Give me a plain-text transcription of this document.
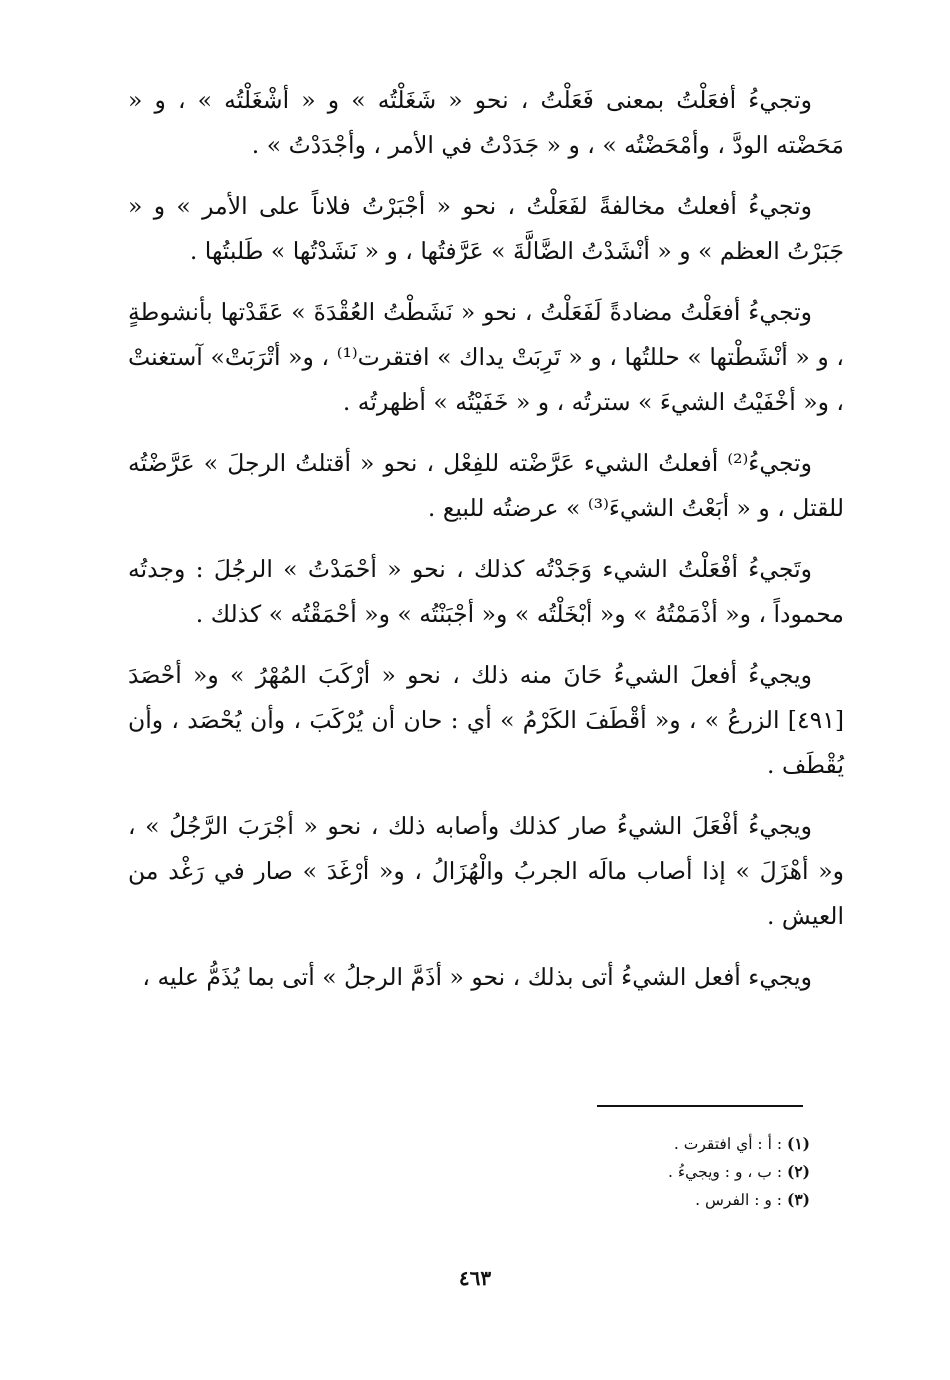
وتجيءُ أفعَلْتُ بمعنى فَعَلْتُ ، نحو « شَغَلْتُه » و « أشْغَلْتُه » ، و « مَحَضْته الودَّ ، وأمْحَضْتُه » ، و « جَدَدْتُ في الأمر ، وأجْدَدْتُ » .

وتجيءُ أفعلتُ مخالفةً لفَعَلْتُ ، نحو « أجْبَرْتُ فلاناً على الأمر » و « جَبَرْتُ العظم » و « أنْشَدْتُ الضَّالَّةَ » عَرَّفتُها ، و « نَشَدْتُها » طَلبتُها .

وتجيءُ أفعَلْتُ مضادةً لَفَعَلْتُ ، نحو « نَشَطْتُ العُقْدَةَ » عَقَدْتها بأنشوطةٍ ، و « أنْشَطْتها » حللتُها ، و « تَرِبَتْ يداك » افتقرت⁽¹⁾ ، و« أتْرَبَتْ» آستغنتْ ، و« أخْفَيْتُ الشيءَ » سترتُه ، و « خَفَيْتُه » أظهرتُه .

وتجيءُ⁽²⁾ أفعلتُ الشيء عَرَّضْته للفِعْل ، نحو « أقتلتُ الرجلَ » عَرَّضْتُه للقتل ، و « أبَعْتُ الشيءَ⁽³⁾ » عرضتُه للبيع .

وتَجيءُ أفْعَلْتُ الشيء وَجَدْتُه كذلك ، نحو « أحْمَدْتُ » الرجُلَ : وجدتُه محموداً ، و« أذْمَمْتُهُ » و« أبْخَلْتُه » و« أجْبَنْتُه » و« أحْمَقْتُه » كذلك .

ويجيءُ أفعلَ الشيءُ حَانَ منه ذلك ، نحو « أرْكَبَ المُهْرُ » و« أحْصَدَ [٤٩١] الزرعُ » ، و« أقْطَفَ الكَرْمُ » أي : حان أن يُرْكَبَ ، وأن يُحْصَد ، وأن يُقْطَف .

ويجيءُ أفْعَلَ الشيءُ صار كذلك وأصابه ذلك ، نحو « أجْرَبَ الرَّجُلُ » ، و« أهْزَلَ » إذا أصاب مالَه الجربُ والْهُزَالُ ، و« أرْغَدَ » صار في رَغْد من العيش .

ويجيء أفعل الشيءُ أتى بذلك ، نحو « أذَمَّ الرجلُ » أتى بما يُذَمُّ عليه ،

(١) : أ : أي افتقرت .
(٢) : ب ، و : ويجيءُ .
(٣) : و : الفرس .
٤٦٣
